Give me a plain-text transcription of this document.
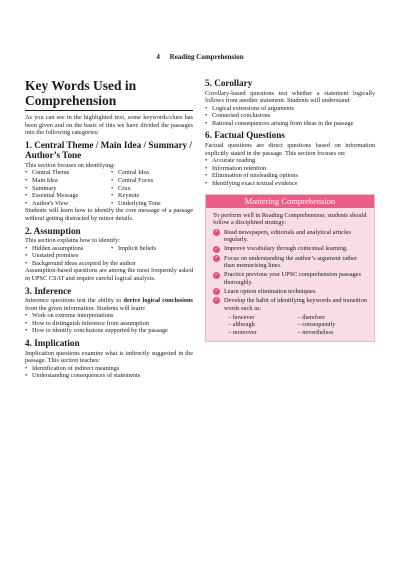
4 Reading Comprehension
Key Words Used in Comprehension

As you can see in the highlighted text, some keywords/clues has been given and on the basis of this we have divided the passages into the following categories:

1. Central Theme / Main Idea / Summary / Author’s Tone

This section focuses on identifying:

• Central Theme	• Central Idea
• Main Idea	• Central Focus
• Summary	• Crux
• Essential Message	• Keynote
• Author's View	• Underlying Tone

Students will learn how to identify the core message of a passage without getting distracted by minor details.

2. Assumption

This section explains how to identify:

• Hidden assumptions	• Implicit beliefs
• Unstated premises
• Background ideas accepted by the author

Assumption-based questions are among the most frequently asked in UPSC CSAT and require careful logical analysis.

3. Inference

Inference questions test the ability to derive logical conclusions from the given information. Students will learn:

• Work on extreme interpretations
• How to distinguish inference from assumption
• How to identify conclusions supported by the passage
4. Implication

Implication questions examine what is indirectly suggested in the passage. This section teaches:

• Identification of indirect meanings
• Understanding consequences of statements
5. Corollary

Corollary-based questions test whether a statement logically follows from another statement. Students will understand:

• Logical extensions of arguments
• Connected conclusions
• Rational consequences arising from ideas in the passage
6. Factual Questions

Factual questions are direct questions based on information explicitly stated in the passage. This section focuses on:

• Accurate reading
• Information retention
• Elimination of misleading options
• Identifying exact textual evidence
Mastering Comprehension

To perform well in Reading Comprehension, students should follow a disciplined strategy:

✓ Read newspapers, editorials and analytical articles regularly.
✓ Improve vocabulary through contextual learning.
✓ Focus on understanding the author’s argument rather than memorising lines.
✓ Practice previous year UPSC comprehension passages thoroughly.
✓ Learn option elimination techniques.
✓ Develop the habit of identifying keywords and transition words such as:
– however	– therefore
– although	– consequently
– moreover	– nevertheless
